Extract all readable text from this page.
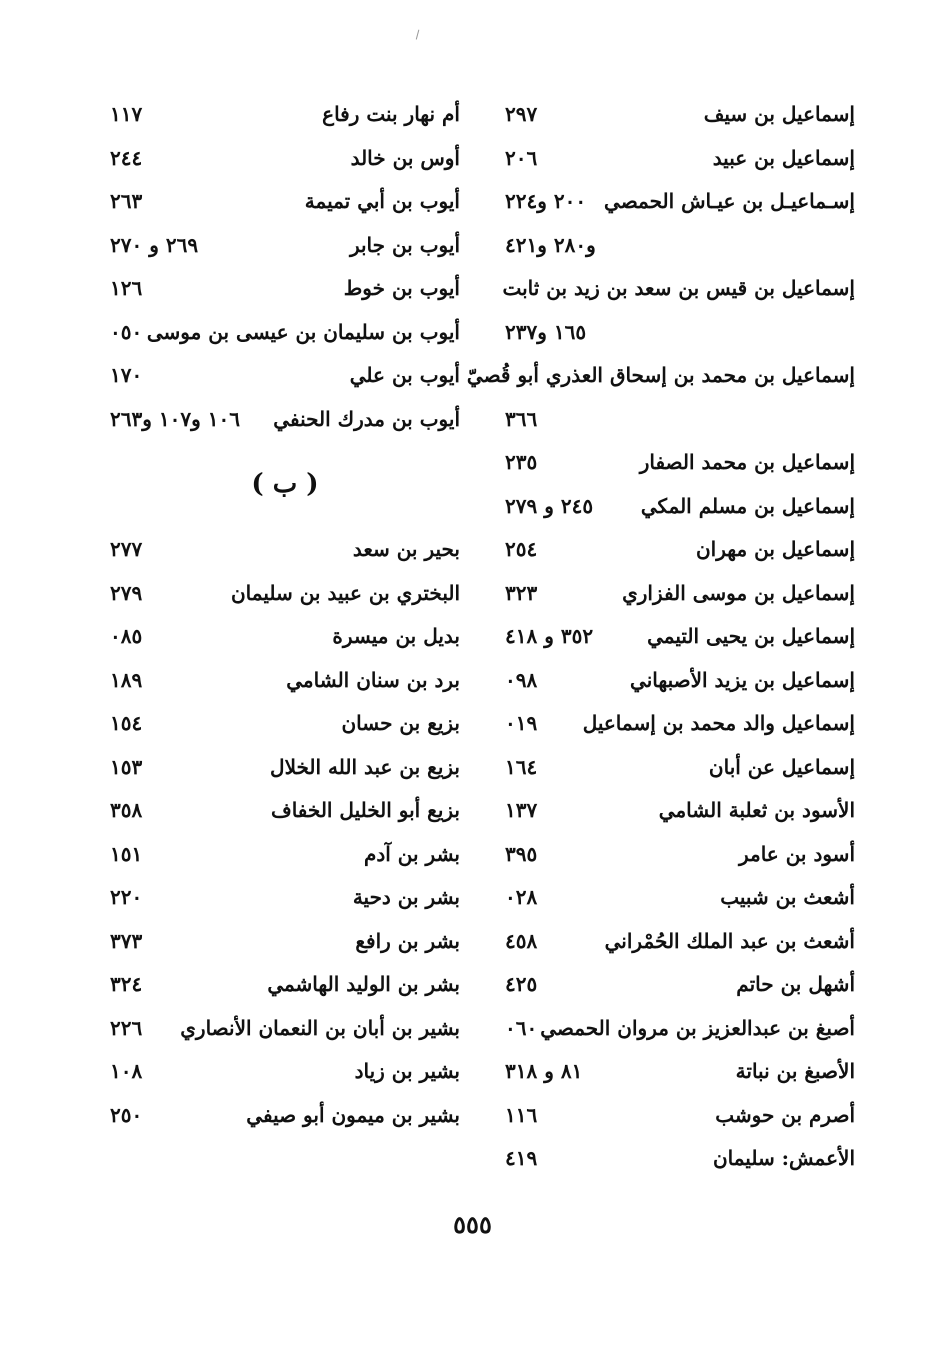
إسماعيل بن سيف
٢٩٧
إسماعيل بن عبيد
٢٠٦
إسـماعيـل بن عيـاش الحمصي
٢٠٠ و٢٢٤
و٢٨٠ و٤٢١
إسماعيل بن قيس بن سعد بن زيد بن ثابت
١٦٥ و٢٣٧
إسماعيل بن محمد بن إسحاق العذري أبو قُصيّ
٣٦٦
إسماعيل بن محمد الصفار
٢٣٥
إسماعيل بن مسلم المكي
٢٤٥ و ٢٧٩
إسماعيل بن مهران
٢٥٤
إسماعيل بن موسى الفزاري
٣٢٣
إسماعيل بن يحيى التيمي
٣٥٢ و ٤١٨
إسماعيل بن يزيد الأصبهاني
٠٩٨
إسماعيل والد محمد بن إسماعيل
٠١٩
إسماعيل عن أبان
١٦٤
الأسود بن ثعلبة الشامي
١٣٧
أسود بن عامر
٣٩٥
أشعث بن شبيب
٠٢٨
أشعث بن عبد الملك الحُمْراني
٤٥٨
أشهل بن حاتم
٤٢٥
أصبغ بن عبدالعزيز بن مروان الحمصي
٠٦٠
الأصبغ بن نباتة
٨١ و ٣١٨
أصرم بن حوشب
١١٦
الأعمش: سليمان
٤١٩
أم نهار بنت رفاع
١١٧
أوس بن خالد
٢٤٤
أيوب بن أبي تميمة
٢٦٣
أيوب بن جابر
٢٦٩ و ٢٧٠
أيوب بن خوط
١٢٦
أيوب بن سليمان بن عيسى بن موسى
٠٥٠
أيوب بن علي
١٧٠
أيوب بن مدرك الحنفي
١٠٦ و١٠٧ و٢٦٣
( ب )
بحير بن سعد
٢٧٧
البختري بن عبيد بن سليمان
٢٧٩
بديل بن ميسرة
٠٨٥
برد بن سنان الشامي
١٨٩
بزيع بن حسان
١٥٤
بزيع بن عبد الله الخلال
١٥٣
بزيع أبو الخليل الخفاف
٣٥٨
بشر بن آدم
١٥١
بشر بن دحية
٢٢٠
بشر بن رافع
٣٧٣
بشر بن الوليد الهاشمي
٣٢٤
بشير بن أبان بن النعمان الأنصاري
٢٢٦
بشير بن زياد
١٠٨
بشير بن ميمون أبو صيفي
٢٥٠
٥٥٥
